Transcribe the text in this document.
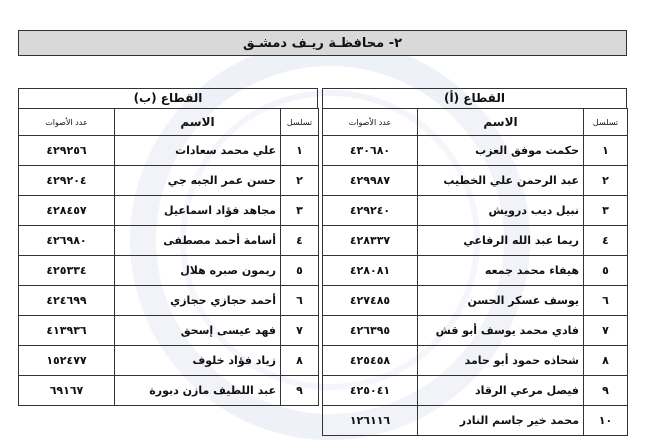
٢- محافظـة ريـف دمشـق
القطاع (أ)
القطاع (ب)
تسلسل	الاسم	عدد الأصوات
١	حكمت موفق العزب	٤٣٠٦٨٠
٢	عبد الرحمن علي الخطيب	٤٢٩٩٨٧
٣	نبيل ديب درويش	٤٢٩٢٤٠
٤	ريما عبد الله الرفاعي	٤٢٨٣٣٧
٥	هيفاء محمد جمعه	٤٢٨٠٨١
٦	يوسف عسكر الحسن	٤٢٧٤٨٥
٧	فادي محمد يوسف أبو قش	٤٢٦٣٩٥
٨	شحاذه حمود أبو حامد	٤٢٥٤٥٨
٩	فيصل مرعي الرقاد	٤٢٥٠٤١
١٠	محمد خير جاسم النادر	١٢٦١١٦
تسلسل	الاسم	عدد الأصوات
١	علي محمد سعادات	٤٢٩٢٥٦
٢	حسن عمر الجبه جي	٤٢٩٢٠٤
٣	مجاهد فؤاد اسماعيل	٤٢٨٤٥٧
٤	أسامة أحمد مصطفى	٤٢٦٩٨٠
٥	ريمون صبره هلال	٤٢٥٣٣٤
٦	أحمد حجازي حجازي	٤٢٤٦٩٩
٧	فهد عيسى إسحق	٤١٣٩٣٦
٨	زياد فؤاد خلوف	١٥٢٤٧٧
٩	عبد اللطيف مازن دبورة	٦٩١٦٧
